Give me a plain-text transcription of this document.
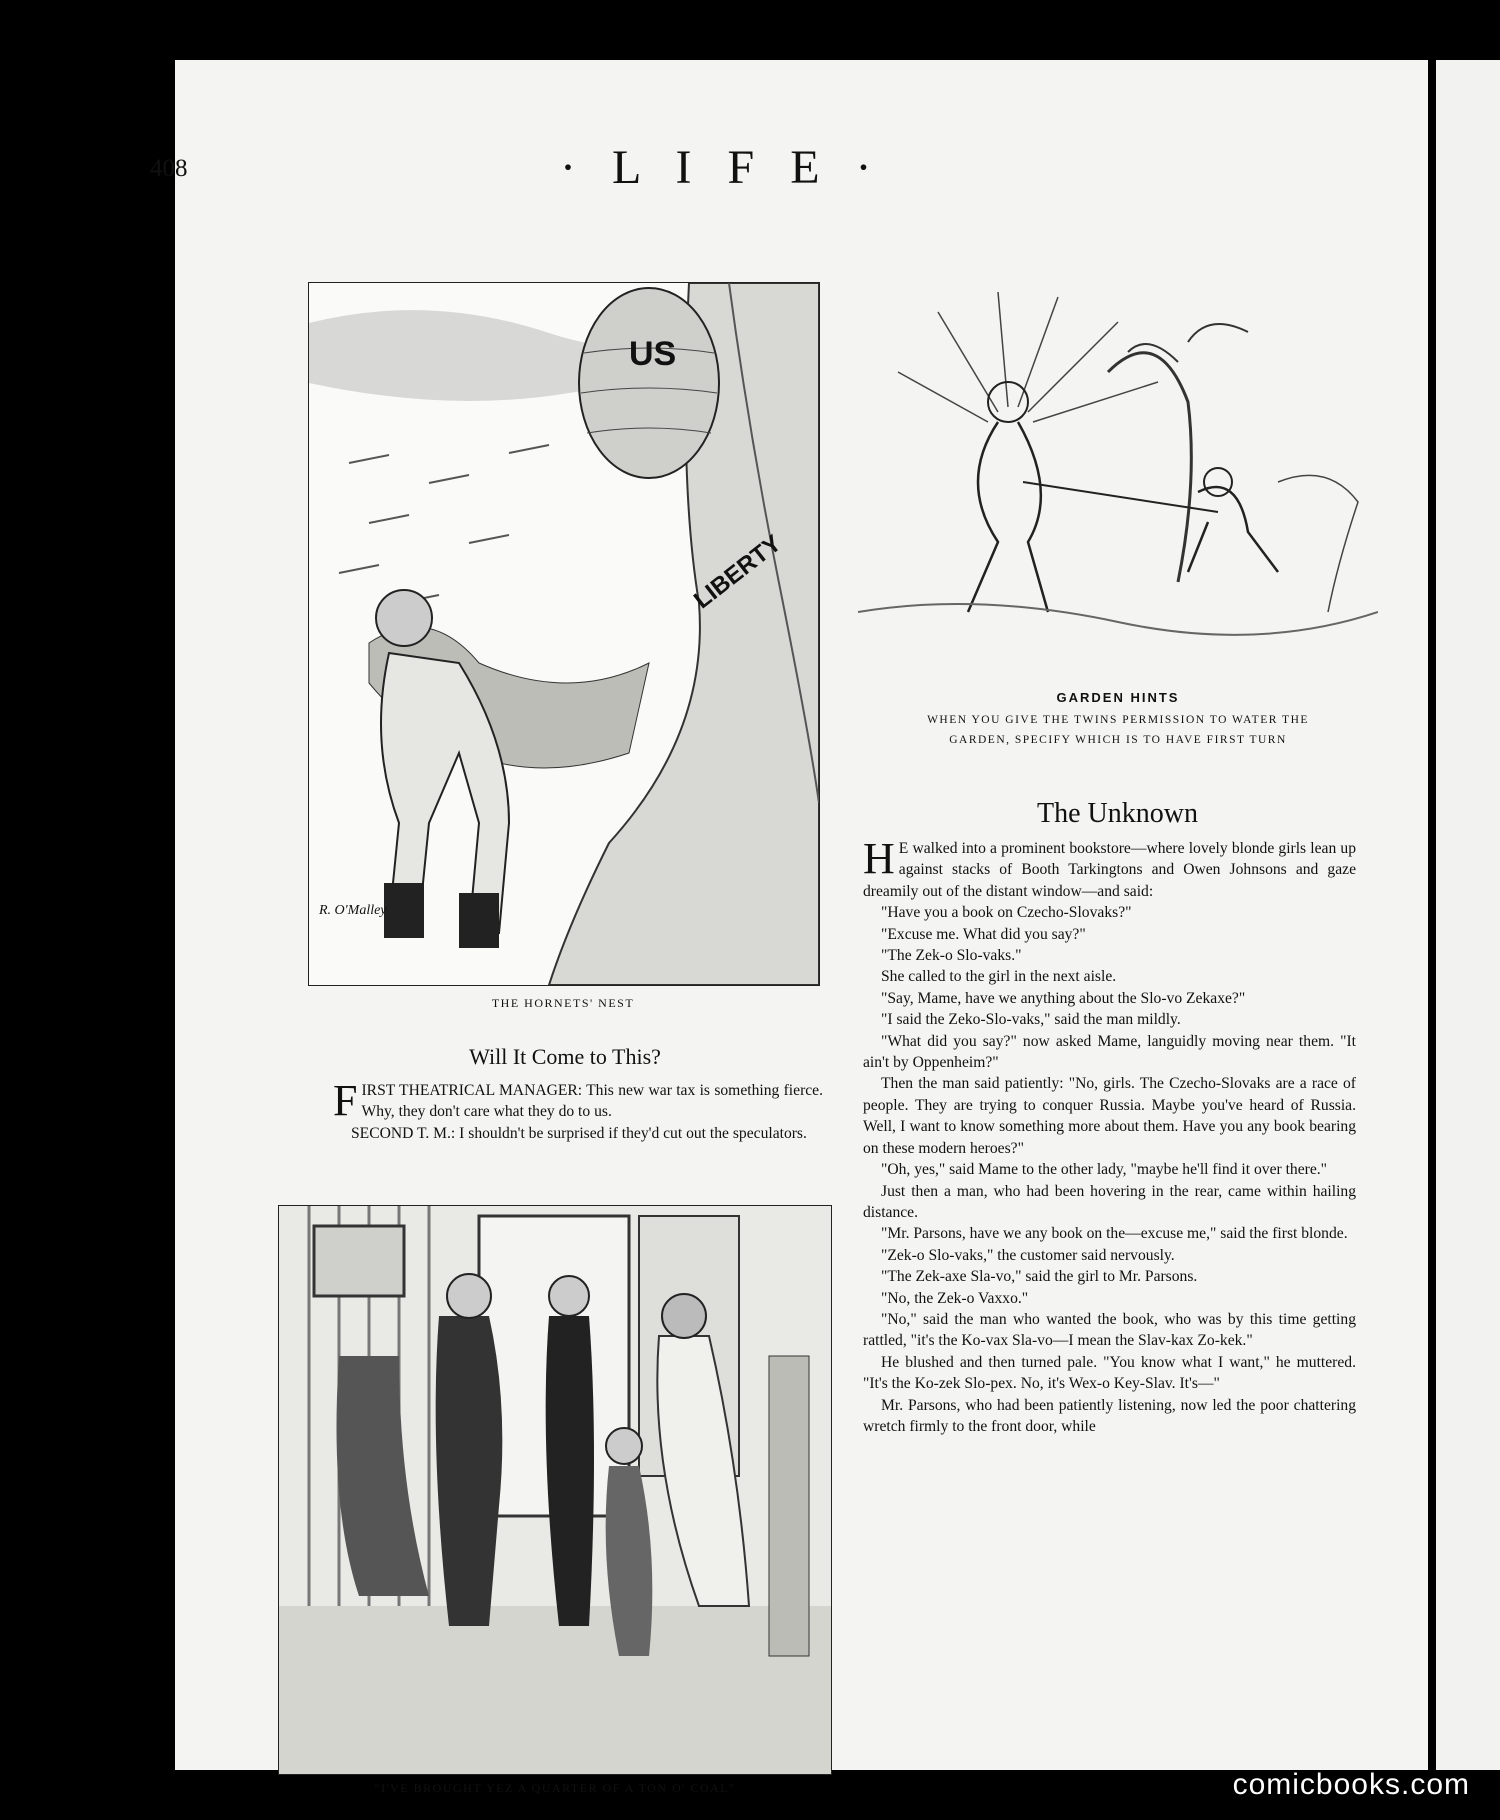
408	· L I F E ·
US
LIBERTY
R. O'Malley
THE HORNETS' NEST
Will It Come to This?

FIRST THEATRICAL MANAGER: This new war tax is something fierce. Why, they don't care what they do to us.

SECOND T. M.: I shouldn't be surprised if they'd cut out the speculators.

"I'VE BROUGHT YEZ A QUARTER OF A TON O' COAL"
GARDEN HINTS
WHEN YOU GIVE THE TWINS PERMISSION TO WATER THE
GARDEN, SPECIFY WHICH IS TO HAVE FIRST TURN
The Unknown

H E walked into a prominent bookstore—where lovely blonde girls lean up against stacks of Booth Tarkingtons and Owen Johnsons and gaze dreamily out of the distant window—and said:

"Have you a book on Czecho-Slovaks?"

"Excuse me. What did you say?"

"The Zek-o Slo-vaks."

She called to the girl in the next aisle.

"Say, Mame, have we anything about the Slo-vo Zekaxe?"

"I said the Zeko-Slo-vaks," said the man mildly.

"What did you say?" now asked Mame, languidly moving near them. "It ain't by Oppenheim?"

Then the man said patiently: "No, girls. The Czecho-Slovaks are a race of people. They are trying to conquer Russia. Maybe you've heard of Russia. Well, I want to know something more about them. Have you any book bearing on these modern heroes?"

"Oh, yes," said Mame to the other lady, "maybe he'll find it over there."

Just then a man, who had been hovering in the rear, came within hailing distance.

"Mr. Parsons, have we any book on the—excuse me," said the first blonde.

"Zek-o Slo-vaks," the customer said nervously.

"The Zek-axe Sla-vo," said the girl to Mr. Parsons.

"No, the Zek-o Vaxxo."

"No," said the man who wanted the book, who was by this time getting rattled, "it's the Ko-vax Sla-vo—I mean the Slav-kax Zo-kek."

He blushed and then turned pale. "You know what I want," he muttered. "It's the Ko-zek Slo-pex. No, it's Wex-o Key-Slav. It's—"

Mr. Parsons, who had been patiently listening, now led the poor chattering wretch firmly to the front door, while

comicbooks.com
